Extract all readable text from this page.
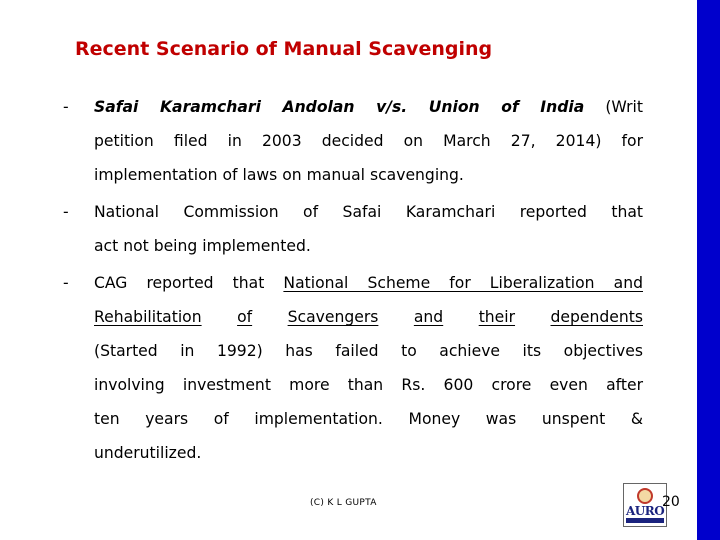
Recent Scenario of Manual Scavenging
- Safai Karamchari Andolan v/s. Union of India (Writ
petition filed in 2003 decided on March 27, 2014) for
implementation of laws on manual scavenging.
- National Commission of Safai Karamchari reported that
act not being implemented.
- CAG reported that National Scheme for Liberalization and
Rehabilitation of Scavengers and their dependents
(Started in 1992) has failed to achieve its objectives
involving investment more than Rs. 600 crore even after
ten years of implementation. Money was unspent &
underutilized.
(C) K L GUPTA
AURO
20
